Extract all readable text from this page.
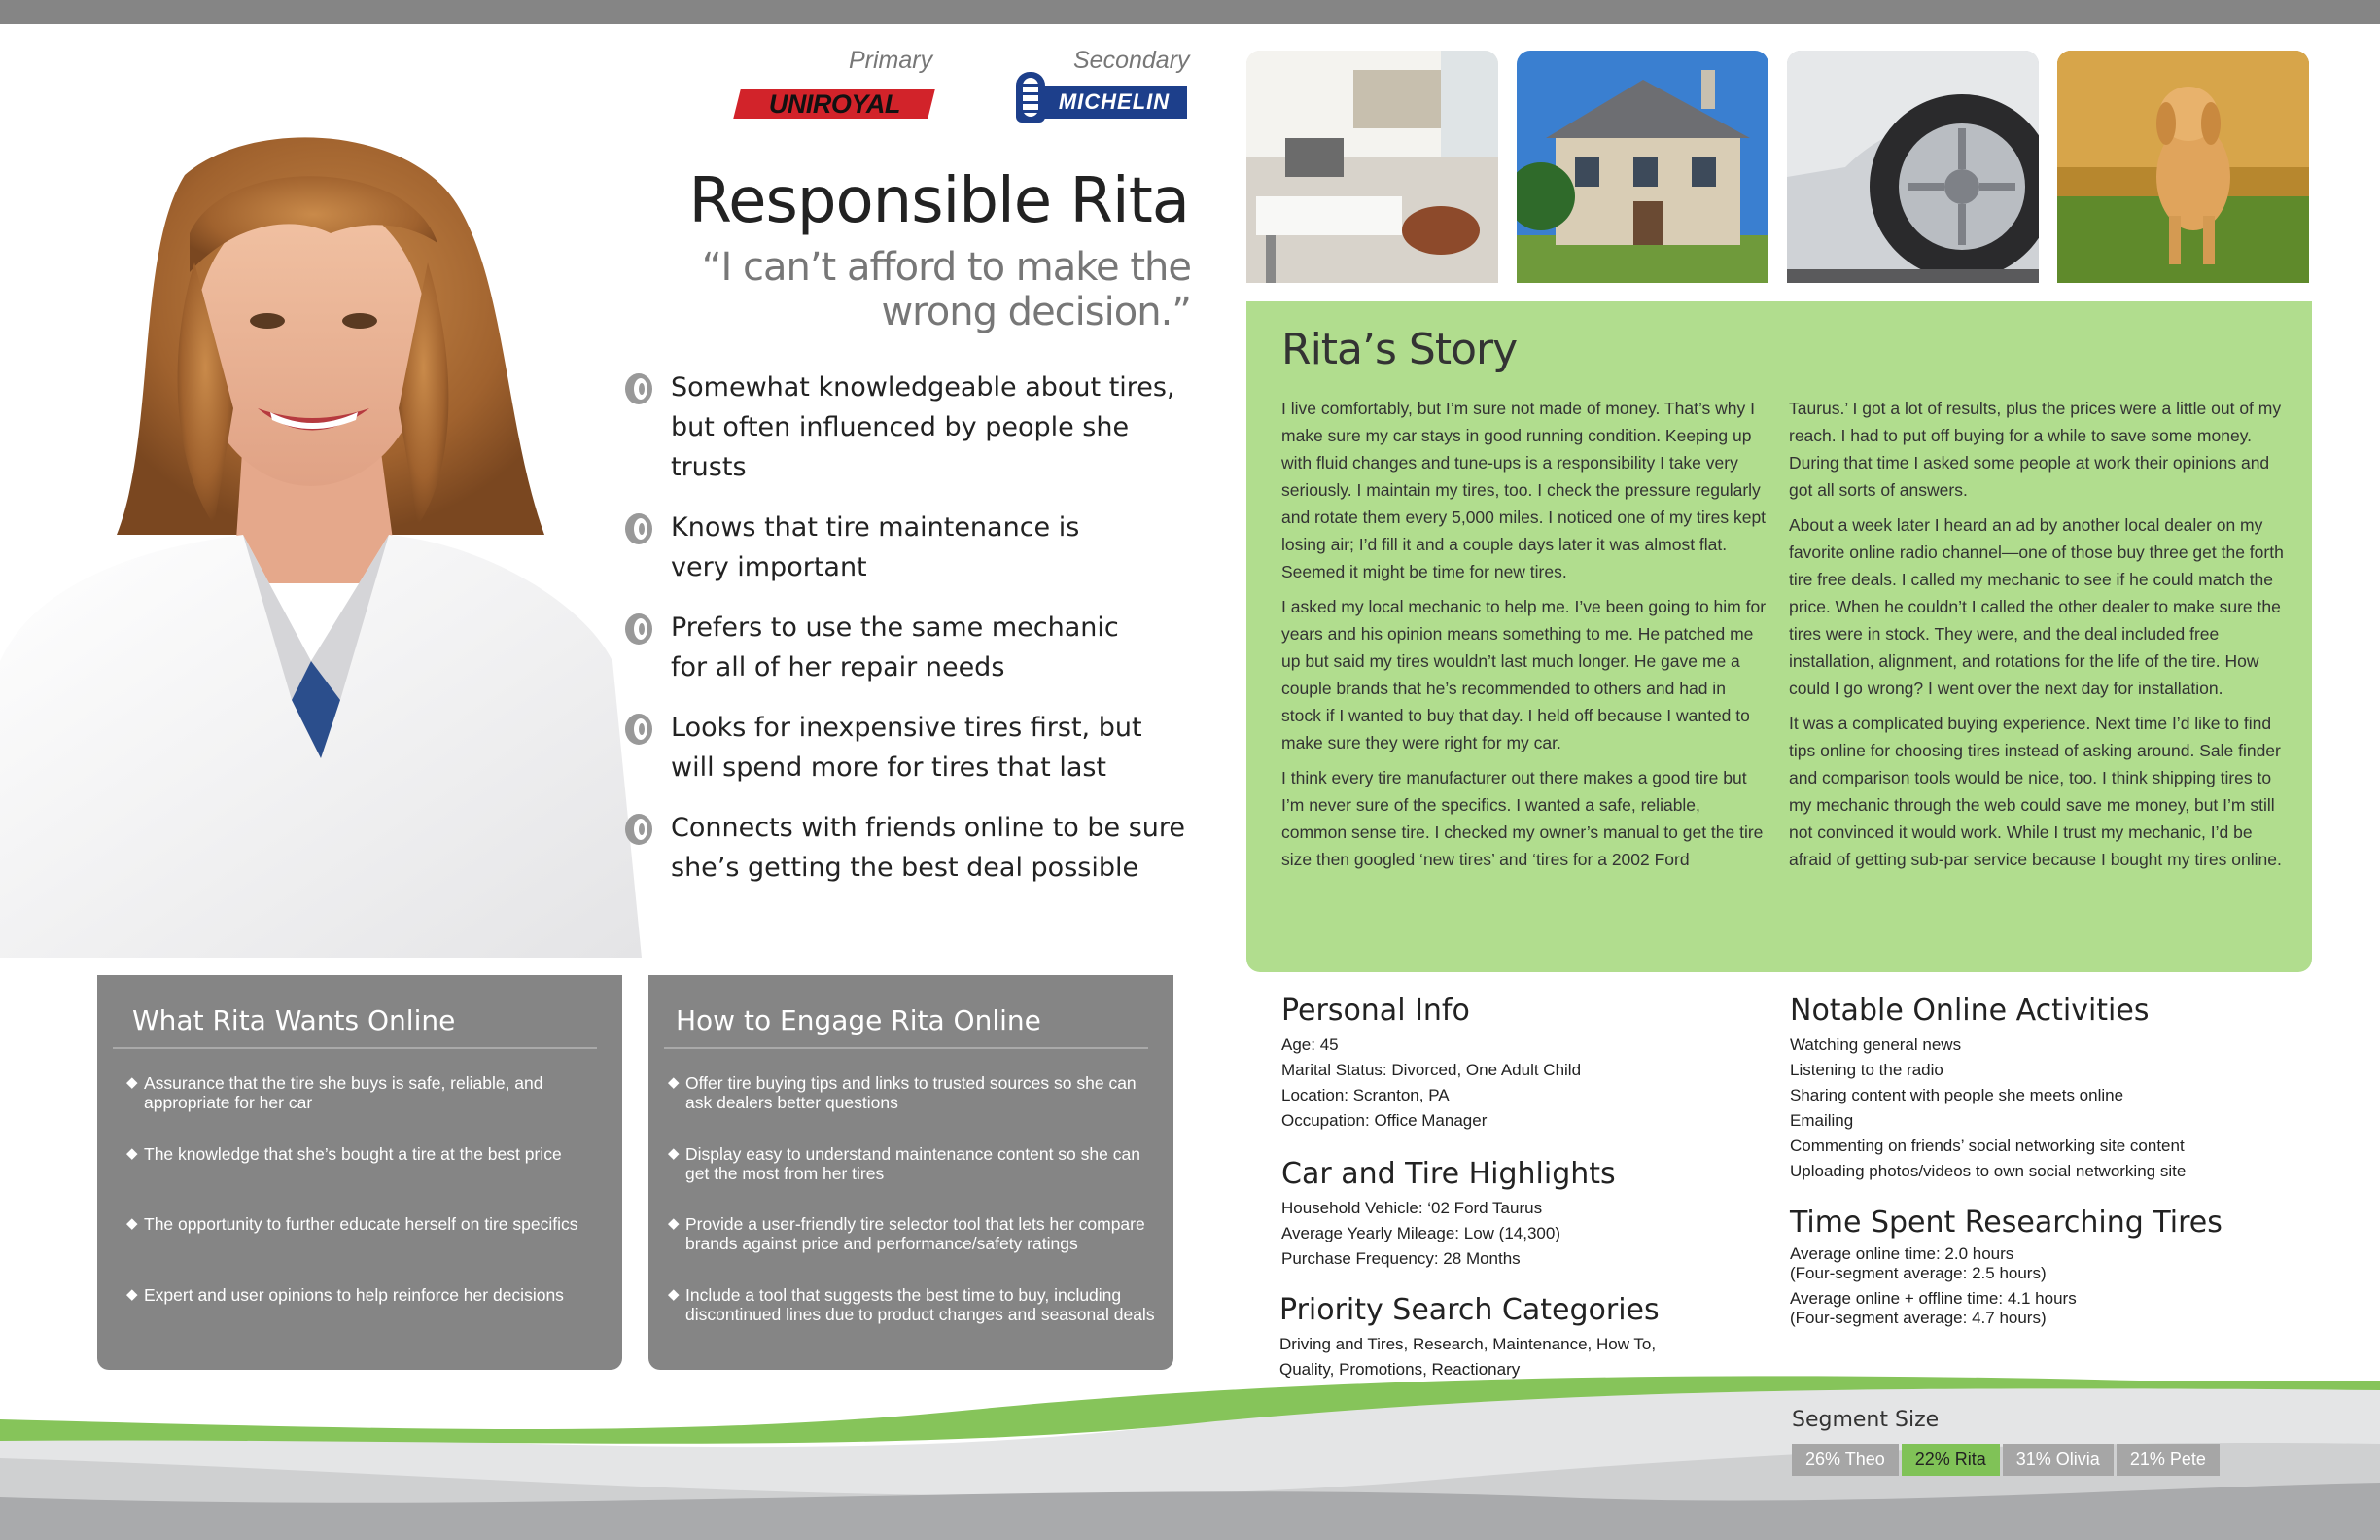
Primary	Secondary
UNIROYAL	MICHELIN
Responsible Rita
“I can’t afford to make the wrong decision.”
Somewhat knowledgeable about tires, but often influenced by people she trusts
Knows that tire maintenance is very important
Prefers to use the same mechanic for all of her repair needs
Looks for inexpensive tires first, but will spend more for tires that last
Connects with friends online to be sure she’s getting the best deal possible
Rita’s Story

I live comfortably, but I’m sure not made of money. That’s why I make sure my car stays in good running condition. Keeping up with fluid changes and tune-ups is a responsibility I take very seriously. I maintain my tires, too. I check the pressure regularly and rotate them every 5,000 miles. I noticed one of my tires kept losing air; I’d fill it and a couple days later it was almost flat. Seemed it might be time for new tires.

I asked my local mechanic to help me. I’ve been going to him for years and his opinion means something to me. He patched me up but said my tires wouldn’t last much longer. He gave me a couple brands that he’s recommended to others and had in stock if I wanted to buy that day. I held off because I wanted to make sure they were right for my car.

I think every tire manufacturer out there makes a good tire but I’m never sure of the specifics. I wanted a safe, reliable, common sense tire. I checked my owner’s manual to get the tire size then googled ‘new tires’ and ‘tires for a 2002 Ford

Taurus.’ I got a lot of results, plus the prices were a little out of my reach. I had to put off buying for a while to save some money. During that time I asked some people at work their opinions and got all sorts of answers.

About a week later I heard an ad by another local dealer on my favorite online radio channel—one of those buy three get the forth tire free deals. I called my mechanic to see if he could match the price. When he couldn’t I called the other dealer to make sure the tires were in stock. They were, and the deal included free installation, alignment, and rotations for the life of the tire. How could I go wrong? I went over the next day for installation.

It was a complicated buying experience. Next time I’d like to find tips online for choosing tires instead of asking around. Sale finder and comparison tools would be nice, too. I think shipping tires to my mechanic through the web could save me money, but I’m still not convinced it would work. While I trust my mechanic, I’d be afraid of getting sub-par service because I bought my tires online.

What Rita Wants Online
◆ Assurance that the tire she buys is safe, reliable, and appropriate for her car
◆ The knowledge that she’s bought a tire at the best price
◆ The opportunity to further educate herself on tire specifics
◆ Expert and user opinions to help reinforce her decisions
How to Engage Rita Online
◆ Offer tire buying tips and links to trusted sources so she can ask dealers better questions
◆ Display easy to understand maintenance content so she can get the most from her tires
◆ Provide a user-friendly tire selector tool that lets her compare brands against price and performance/safety ratings
◆ Include a tool that suggests the best time to buy, including discontinued lines due to product changes and seasonal deals
Personal Info
Age: 45
Marital Status: Divorced, One Adult Child
Location: Scranton, PA
Occupation: Office Manager
Car and Tire Highlights
Household Vehicle: ‘02 Ford Taurus
Average Yearly Mileage: Low (14,300)
Purchase Frequency: 28 Months
Priority Search Categories
Driving and Tires, Research, Maintenance, How To,
Quality, Promotions, Reactionary
Notable Online Activities
Watching general news
Listening to the radio
Sharing content with people she meets online
Emailing
Commenting on friends’ social networking site content
Uploading photos/videos to own social networking site
Time Spent Researching Tires
Average online time: 2.0 hours
(Four-segment average: 2.5 hours)
Average online + offline time: 4.1 hours
(Four-segment average: 4.7 hours)
Segment Size
26% Theo	22% Rita	31% Olivia	21% Pete
